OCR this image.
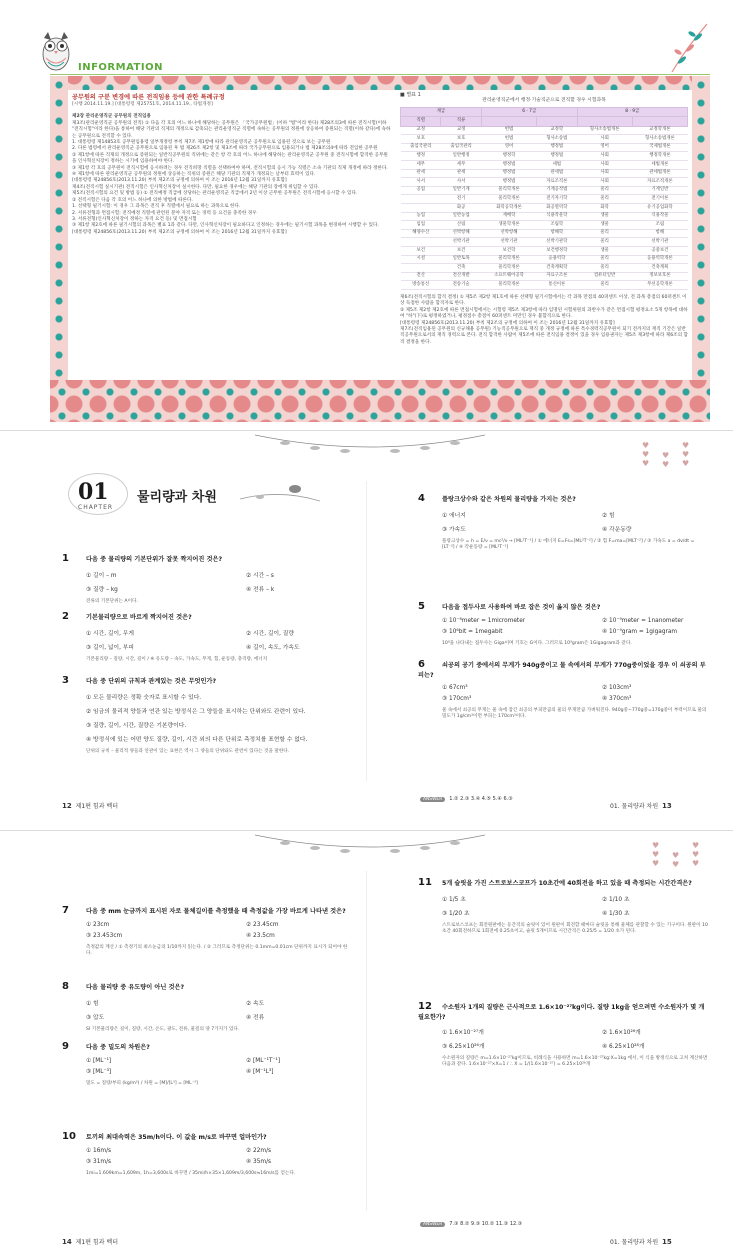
INFORMATION
공무원의 구분 변경에 따른 전직임용 등에 관한 특례규정
[시행 2014.11.19.] [대통령령 제25751호, 2014.11.19., 타법개정]
제2장 관리운영직군 공무원의 전직임용
제3조(관리운영직군 공무원의 전직) ① 다음 각 호의 어느 하나에 해당하는 공무원은 「국가공무원법」(이하 "법"이라 한다) 제28조의3에 따른 전직시험(이하 "전직시험"이라 한다)을 통하여 해당 기관의 직제의 개정으로 감축되는 관리운영직군 직렬에 속하는 공무원의 정원에 상응하여 증원되는 직렬(이하 같다)에 속하는 공무원으로 전직할 수 있다.
1. 대통령령 제14853호 공무원임용령 일부개정령 부칙 제7조 제1항에 따라 관리운영직군 공무원으로 임용된 것으로 보는 공무원
2. 다른 법령에서 관리운영직군 공무원으로 임용된 후 법 제26조 제2항 및 제3조에 따라 국가공무원으로 임용되거나 법 제28조의4에 따라 전입한 공무원
② 제1항에 따른 직제의 개정으로 증원되는 일반직공무원의 직위에는 같은 항 각 호의 어느 하나에 해당하는 관리운영직군 공무원 중 전직시험에 합격한 공무원을 인사혁신처장이 정하는 시기에 임용하여야 한다.
③ 제1항 각 호의 공무원이 전직시험에 응시하려는 경우 전직희망 직렬을 선택하여야 하며, 전직시험의 응시 가능 직렬은 소속 기관의 직제 개정에 따라 정한다.
④ 제1항에 따른 관리운영직군 공무원의 정원에 상응하는 직위의 증원은 해당 기관의 직제가 개정되는 날부터 효력이 있다.
[대통령령 제24856호(2013.11.20) 부칙 제2조의 규정에 의하여 이 조는 2016년 12월 31일까지 유효함]
제4조(전직시험 실시기관) 전직시험은 인사혁신처장이 실시한다. 다만, 필요한 경우에는 해당 기관의 장에게 위임할 수 있다.
제5조(전직시험의 요건 및 방법 등) ① 전직예정 직급에 상당하는 관리운영직군 직급에서 2년 이상 근무한 공무원은 전직시험에 응시할 수 있다.
② 전직시험은 다음 각 호의 어느 하나에 의한 방법에 따른다.
1. 선택형 필기시험: 이 경우 그 과목은 전직 후 직렬에서 필요로 하는 과목으로 한다.
2. 서류전형과 면접시험: 전직예정 직렬에 관련된 분야 자격 또는 경력 등 요건을 충족한 경우
3. 서류전형(인사혁신처장이 정하는 자격 요건 등) 및 면접시험
③ 제1항 제2호에 따른 필기시험의 과목은 별표 1과 같다. 다만, 인사혁신처장이 필요하다고 인정하는 경우에는 필기시험 과목을 변경하여 시행할 수 있다.
[대통령령 제24856호(2013.11.20) 부칙 제2조의 규정에 의하여 이 조는 2016년 12월 31일까지 유효함]
■ 별표 1
관리운영직군에서 행정·기술직군으로 전직할 경우 시험과목
계급		6 · 7급		8 · 9급	
직렬	직류				
교정	교정	헌법	교정학	형사소송법개론	교정학개론
보호	보호	헌법	형사소송법	사회	형사소송법개론
출입국관리	출입국관리	영어	행정법	영어	국제법개론
행정	일반행정	행정학	행정법	사회	행정학개론
세무	세무	행정법	세법	사회	세법개론
관세	관세	행정법	관세법	사회	관세법개론
사서	사서	행정법	자료조직론	사회	자료조직개론
공업	일반기계	물리학개론	기계공작법	물리	기계일반
	전기	물리학개론	전기자기학	물리	전기이론
	화공	화학공학개론	화공열역학	화학	유기공업화학
농업	일반농업	재배학	식용작물학	생물	식용작물
임업	산림	생물학개론	조림학	생물	조림
해양수산	선박항해	선박항해	항해학	물리	항해
	선박기관	선박기관	선박기관학	물리	선박기관
보건	보건	보건학	보건행정학	생물	공중보건
시설	일반토목	물리학개론	응용역학	물리	응용역학개론
	건축	물리학개론	건축계획학	물리	건축계획
전산	전산개발	소프트웨어공학	자료구조론	컴퓨터일반	정보보호론
방송통신	전송기술	물리학개론	통신이론	물리	무선공학개론
제6조(전직시험의 합격 결정) ① 제5조 제2항 제1호에 따른 선택형 필기시험에서는 각 과목 만점의 40퍼센트 이상, 전 과목 총점의 60퍼센트 이상 득점한 사람을 합격자로 한다.
② 제5조 제2항 제2호에 따른 면접시험에서는 시험령 제5조 제3항에 따라 임명된 시험위원의 과반수가 같은 면접시험 평정요소 5개 항목에 대하여 "하"(下)로 평정하였거나, 평정점수 총점이 60퍼센트 미만인 경우 불합격으로 한다.
[대통령령 제24856호(2013.11.20) 부칙 제2조의 규정에 의하여 이 조는 2016년 12월 31일까지 유효함]
제7조(전직임용된 공무원의 신규채용 공무원) 기능직공무원으로 재직 중 개정 규정에 따른 특수경력직공무원이 되기 전까지의 재직 기간은 일반직공무원으로서의 재직 경력으로 본다. 전직 합격한 사람이 제5조에 따른 전직임용 결정이 있을 경우 임용권자는 제5조 제3항에 따라 제6조의 합격 결정을 한다.
♥
♥
♥
♥
♥
♥
♥
♥
01
CHAPTER
물리량과 차원
1	다음 중 물리량의 기본단위가 잘못 짝지어진 것은?
① 길이 – m	② 시간 – s
③ 질량 – kg	④ 전류 – k
전류의 기본단위는 A이다.
2	기본물리량으로 바르게 짝지어진 것은?
① 시간, 길이, 무게	② 시간, 길이, 질량
③ 길이, 넓이, 부피	④ 길이, 속도, 가속도
기본물리량 – 질량, 시간, 길이 / ※ 유도량 – 속도, 가속도, 무게, 힘, 운동량, 충격량, 에너지
3	다음 중 단위의 규칙과 관계있는 것은 무엇인가?
① 모든 물리량은 정확 숫자로 표시할 수 있다.
② 임금의 물리적 양들과 연관 있는 방정식은 그 양들을 표시하는 단위와도 관련이 있다.
③ 질량, 길이, 시간, 질량은 기본량이다.
④ 방정식에 있는 어떤 양도 질량, 길이, 시간 외의 다른 단위로 측정치를 표현할 수 없다.
단위의 규칙 – 물리적 양들과 연관이 있는 표현은 역시 그 양들의 단위와도 관련이 있다는 것을 말한다.
4	플랑크상수와 같은 차원의 물리량을 가지는 것은?
① 에너지	② 힘
③ 가속도	④ 각운동량
플랑크상수 = h = E/ν = mc²/ν → [ML²T⁻¹] / ① 에너지 E=Fs=[ML²T⁻²] / ② 힘 F=ma=[MLT⁻²] / ③ 가속도 a = dv/dt = [LT⁻²] / ④ 각운동량 = [ML²T⁻¹]
5	다음을 접두사로 사용하여 바로 잡은 것이 옳지 않은 것은?
① 10⁻⁶meter = 1micrometer	② 10⁻⁹meter = 1nanometer
③ 10⁶bit = 1megabit	④ 10⁻⁹gram = 1gigagram
10⁹을 나타내는 접두사는 Giga이며 기호는 G이다. 그러므로 10⁹gram은 1Gigagram과 같다.
6	쇠공의 공기 중에서의 무게가 940g중이고 물 속에서의 무게가 770g중이었을 경우 이 쇠공의 부피는?
① 67cm³	② 103cm³
③ 170cm³	④ 370cm³
물 속에서 쇠공의 무게는 물 속에 잠긴 쇠공의 부피만큼의 물의 무게만큼 가벼워진다. 940g중−770g중=170g중이 부력이므로 물의 밀도가 1g/cm³이면 부피는 170cm³이다.
ANSWER 1.② 2.③ 3.④ 4.⑤ 5.④ 6.③
12 제1편 힘과 벡터	01. 물리량과 차원 13
♥
♥
♥
♥
♥
♥
♥
♥
7	다음 중 mm 눈금까지 표시된 자로 물체길이를 측정했을 때 측정값을 가장 바르게 나타낸 것은?
① 23cm	② 23.45cm
③ 23.453cm	④ 23.5cm
측정값의 계산 / ① 측정기의 최소눈금의 1/10까지 읽는다. / ② 그러므로 측정단위는 0.1mm=0.01cm 단위까지 표시가 되어야 한다.
8	다음 물리량 중 유도량이 아닌 것은?
① 힘	② 속도
③ 압도	④ 전류
SI 기본물리량은 길이, 질량, 시간, 온도, 광도, 전류, 물질의 양 7가지가 있다.
9	다음 중 밀도의 차원은?
① [ML⁻¹]	② [ML⁻¹T⁻¹]
③ [ML⁻³]	④ [M⁻¹L³]
밀도 = 질량/부피 (kg/m³) / 차원 = [M]/[L³] = [ML⁻³]
10 토끼의 최대속력은 35m/h이다. 이 값을 m/s로 바꾸면 얼마인가?
① 16m/s	② 22m/s
③ 31m/s	④ 35m/s
1mi=1.609km=1,609m, 1h=3,600s로 바꾸면 / 35mi/h×35×1,609m/3,600s≒16m/s를 얻는다.
11 5개 슬릿을 가진 스트로보스코프가 10초간에 40회전을 하고 있을 때 측정되는 시간간격은?
① 1/5 초	② 1/10 초
③ 1/20 초	④ 1/30 초
스트로보스코프는 회전원판에는 등간격의 슬릿이 있어 원판이 회전할 때마다 슬릿을 통해 물체를 관찰할 수 있는 기구이다. 원판이 10초간 40회전하므로 1회전에 0.25초이고, 슬릿 5개이므로 시간간격은 0.25/5 = 1/20 초가 된다.
12 수소원자 1개의 질량은 근사적으로 1.6×10⁻²⁷kg이다. 질량 1kg을 얻으려면 수소원자가 몇 개 필요한가?
① 1.6×10⁻²⁷개	② 1.6×10²⁶개
③ 6.25×10²⁶개	④ 6.25×10²⁸개
수소원자의 질량은 m=1.6×10⁻²⁷kg이므로, 비례식을 사용하면 m=1.6×10⁻²⁷kg:X=1kg 에서, 이 식을 방정식으로 고쳐 계산하면 다음과 같다. 1.6×10⁻²⁷×X=1 / ∴ X = 1/(1.6×10⁻²⁷) = 6.25×10²⁶개
ANSWER 7.③ 8.② 9.③ 10.② 11.③ 12.③
14 제1편 힘과 벡터	01. 물리량과 차원 15
